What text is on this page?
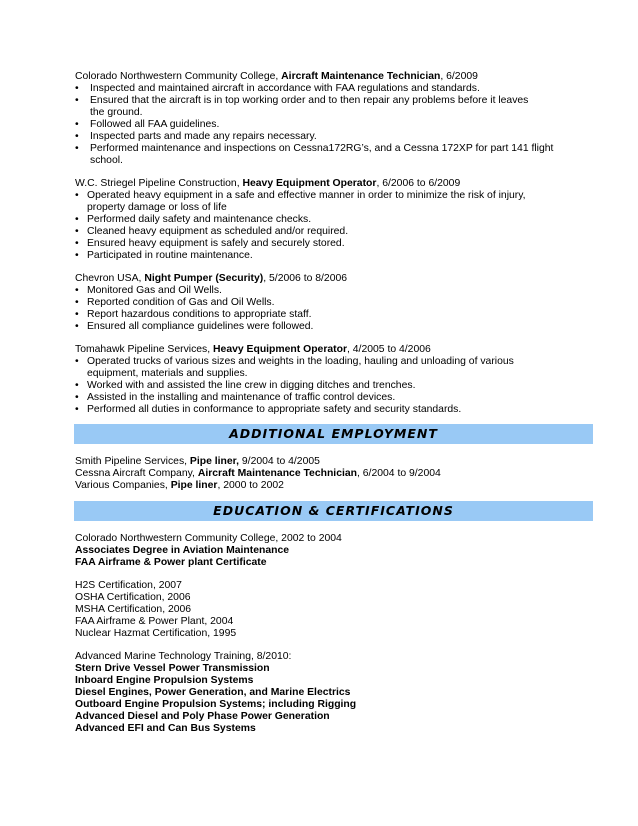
Colorado Northwestern Community College, Aircraft Maintenance Technician, 6/2009
• Inspected and maintained aircraft in accordance with FAA regulations and standards.
• Ensured that the aircraft is in top working order and to then repair any problems before it leaves the ground.
• Followed all FAA guidelines.
• Inspected parts and made any repairs necessary.
• Performed maintenance and inspections on Cessna172RG’s, and a Cessna 172XP for part 141 flight school.
W.C. Striegel Pipeline Construction, Heavy Equipment Operator, 6/2006 to 6/2009
• Operated heavy equipment in a safe and effective manner in order to minimize the risk of injury, property damage or loss of life
• Performed daily safety and maintenance checks.
• Cleaned heavy equipment as scheduled and/or required.
• Ensured heavy equipment is safely and securely stored.
• Participated in routine maintenance.
Chevron USA, Night Pumper (Security), 5/2006 to 8/2006
• Monitored Gas and Oil Wells.
• Reported condition of Gas and Oil Wells.
• Report hazardous conditions to appropriate staff.
• Ensured all compliance guidelines were followed.
Tomahawk Pipeline Services, Heavy Equipment Operator, 4/2005 to 4/2006
• Operated trucks of various sizes and weights in the loading, hauling and unloading of various equipment, materials and supplies.
• Worked with and assisted the line crew in digging ditches and trenches.
• Assisted in the installing and maintenance of traffic control devices.
• Performed all duties in conformance to appropriate safety and security standards.
ADDITIONAL EMPLOYMENT
Smith Pipeline Services, Pipe liner, 9/2004 to 4/2005
Cessna Aircraft Company, Aircraft Maintenance Technician, 6/2004 to 9/2004
Various Companies, Pipe liner, 2000 to 2002
EDUCATION & CERTIFICATIONS
Colorado Northwestern Community College, 2002 to 2004
Associates Degree in Aviation Maintenance
FAA Airframe & Power plant Certificate
H2S Certification, 2007
OSHA Certification, 2006
MSHA Certification, 2006
FAA Airframe & Power Plant, 2004
Nuclear Hazmat Certification, 1995
Advanced Marine Technology Training, 8/2010:
Stern Drive Vessel Power Transmission
Inboard Engine Propulsion Systems
Diesel Engines, Power Generation, and Marine Electrics
Outboard Engine Propulsion Systems; including Rigging
Advanced Diesel and Poly Phase Power Generation
Advanced EFI and Can Bus Systems
